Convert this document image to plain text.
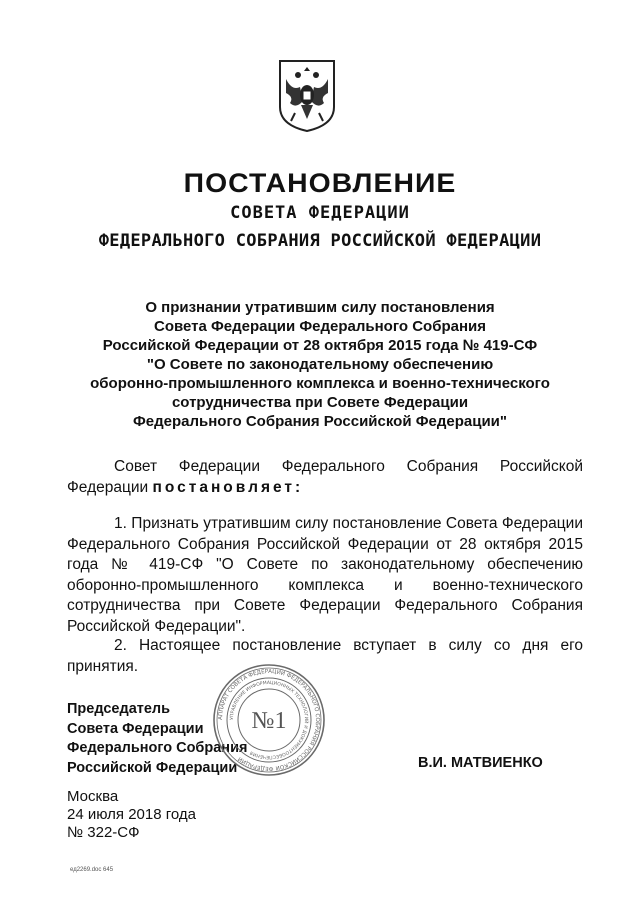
ПОСТАНОВЛЕНИЕ
СОВЕТА ФЕДЕРАЦИИ
ФЕДЕРАЛЬНОГО СОБРАНИЯ РОССИЙСКОЙ ФЕДЕРАЦИИ
О признании утратившим силу постановления
Совета Федерации Федерального Собрания
Российской Федерации от 28 октября 2015 года № 419-СФ
"О Совете по законодательному обеспечению
оборонно-промышленного комплекса и военно-технического
сотрудничества при Совете Федерации
Федерального Собрания Российской Федерации"
Совет Федерации Федерального Собрания Российской Федерации постановляет:
1. Признать утратившим силу постановление Совета Федерации Федерального Собрания Российской Федерации от 28 октября 2015 года № 419-СФ "О Совете по законодательному обеспечению оборонно-промышленного комплекса и военно-технического сотрудничества при Совете Федерации Федерального Собрания Российской Федерации".
2. Настоящее постановление вступает в силу со дня его принятия.
Председатель
Совета Федерации
Федерального Собрания
Российской Федерации	В.И. МАТВИЕНКО
АППАРАТ СОВЕТА ФЕДЕРАЦИИ ФЕДЕРАЛЬНОГО СОБРАНИЯ РОССИЙСКОЙ ФЕДЕРАЦИИ
УПРАВЛЕНИЕ ИНФОРМАЦИОННЫХ ТЕХНОЛОГИЙ И ДОКУМЕНТООБЕСПЕЧЕНИЯ
№1
Москва
24 июля 2018 года
№ 322-СФ
ед2269.doc 645
